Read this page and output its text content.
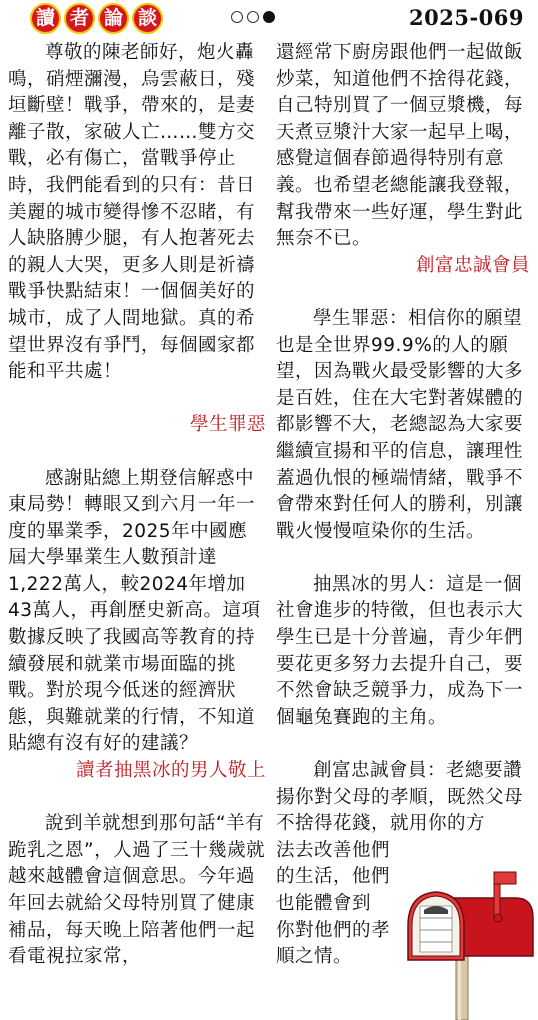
讀 者 論 談	2025-069

尊敬的陳老師好，炮火轟鳴，硝煙瀰漫，烏雲蔽日，殘垣斷壁！戰爭，帶來的，是妻離子散，家破人亡……雙方交戰，必有傷亡，當戰爭停止時，我們能看到的只有：昔日美麗的城市變得慘不忍睹，有人缺胳膊少腿，有人抱著死去的親人大哭，更多人則是祈禱戰爭快點結束！一個個美好的城市，成了人間地獄。真的希望世界沒有爭鬥，每個國家都能和平共處！

學生罪惡

感謝貼總上期登信解惑中東局勢！轉眼又到六月一年一度的畢業季，2025年中國應屆大學畢業生人數預計達1,222萬人，較2024年增加43萬人，再創歷史新高。這項數據反映了我國高等教育的持續發展和就業市場面臨的挑戰。對於現今低迷的經濟狀態，與難就業的行情，不知道貼總有沒有好的建議？

讀者抽黑冰的男人敬上

說到羊就想到那句話“羊有跪乳之恩”，人過了三十幾歲就越來越體會這個意思。今年過年回去就給父母特別買了健康補品，每天晚上陪著他們一起看電視拉家常，

還經常下廚房跟他們一起做飯炒菜，知道他們不捨得花錢，自己特別買了一個豆漿機，每天煮豆漿汁大家一起早上喝，感覺這個春節過得特別有意義。也希望老總能讓我登報，幫我帶來一些好運，學生對此無奈不已。

創富忠誠會員

學生罪惡：相信你的願望也是全世界99.9%的人的願望，因為戰火最受影響的大多是百姓，住在大宅對著媒體的都影響不大，老總認為大家要繼續宣揚和平的信息，讓理性蓋過仇恨的極端情緒，戰爭不會帶來對任何人的勝利，別讓戰火慢慢喧染你的生活。

抽黑冰的男人：這是一個社會進步的特徵，但也表示大學生已是十分普遍，青少年們要花更多努力去提升自己，要不然會缺乏競爭力，成為下一個龜兔賽跑的主角。

創富忠誠會員：老總要讚揚你對父母的孝順，既然父母不捨得花錢，就用你的方

法去改善他們

的生活，他們

也能體會到

你對他們的孝

順之情。
